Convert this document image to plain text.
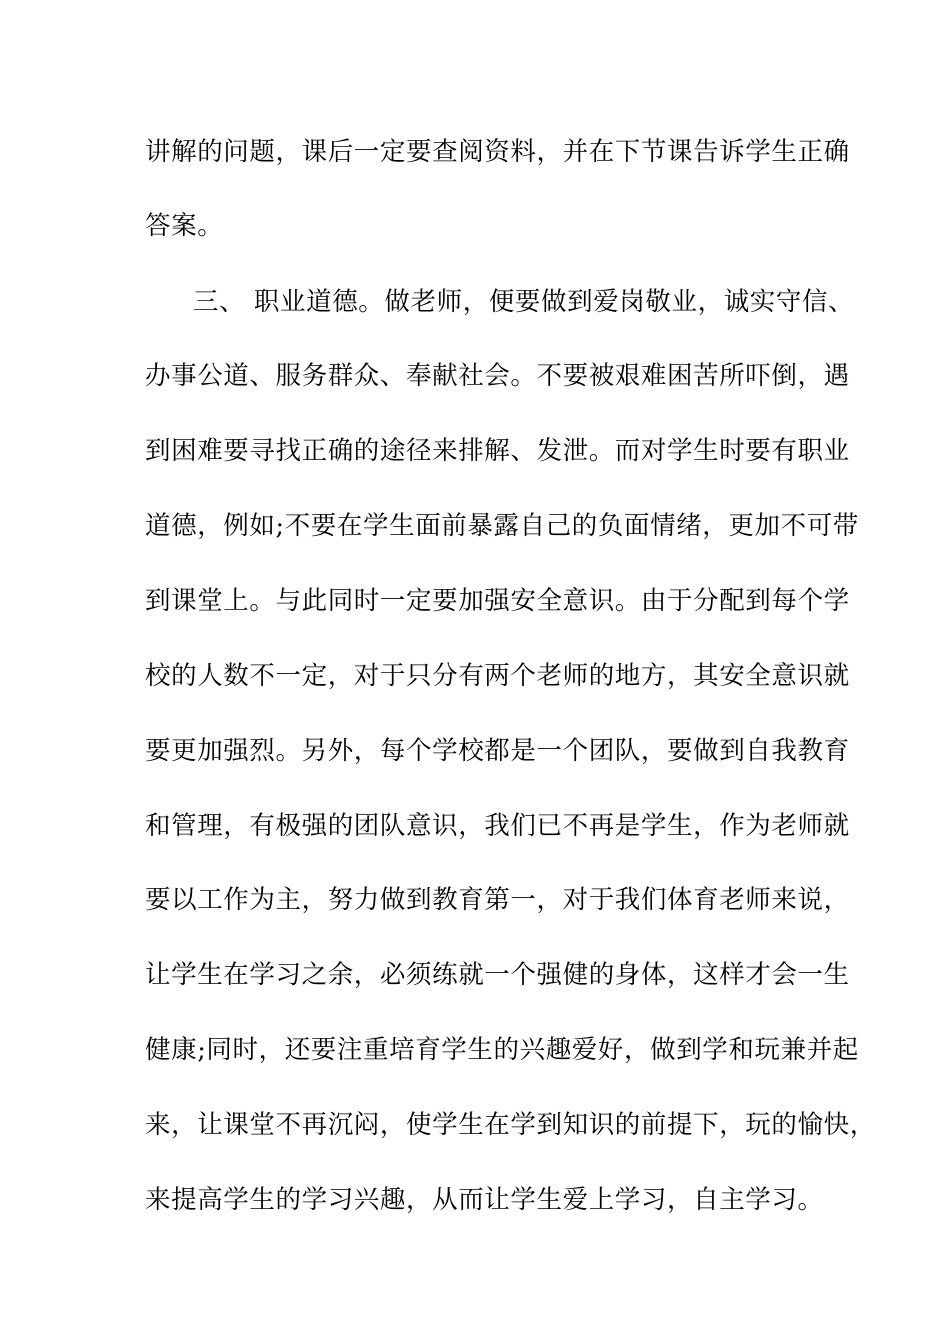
讲解的问题，课后一定要查阅资料，并在下节课告诉学生正确
答案。
三、 职业道德。做老师，便要做到爱岗敬业，诚实守信、
办事公道、服务群众、奉献社会。不要被艰难困苦所吓倒，遇
到困难要寻找正确的途径来排解、发泄。而对学生时要有职业
道德，例如;不要在学生面前暴露自己的负面情绪，更加不可带
到课堂上。与此同时一定要加强安全意识。由于分配到每个学
校的人数不一定，对于只分有两个老师的地方，其安全意识就
要更加强烈。另外，每个学校都是一个团队，要做到自我教育
和管理，有极强的团队意识，我们已不再是学生，作为老师就
要以工作为主，努力做到教育第一，对于我们体育老师来说，
让学生在学习之余，必须练就一个强健的身体，这样才会一生
健康;同时，还要注重培育学生的兴趣爱好，做到学和玩兼并起
来，让课堂不再沉闷，使学生在学到知识的前提下，玩的愉快，
来提高学生的学习兴趣，从而让学生爱上学习，自主学习。
